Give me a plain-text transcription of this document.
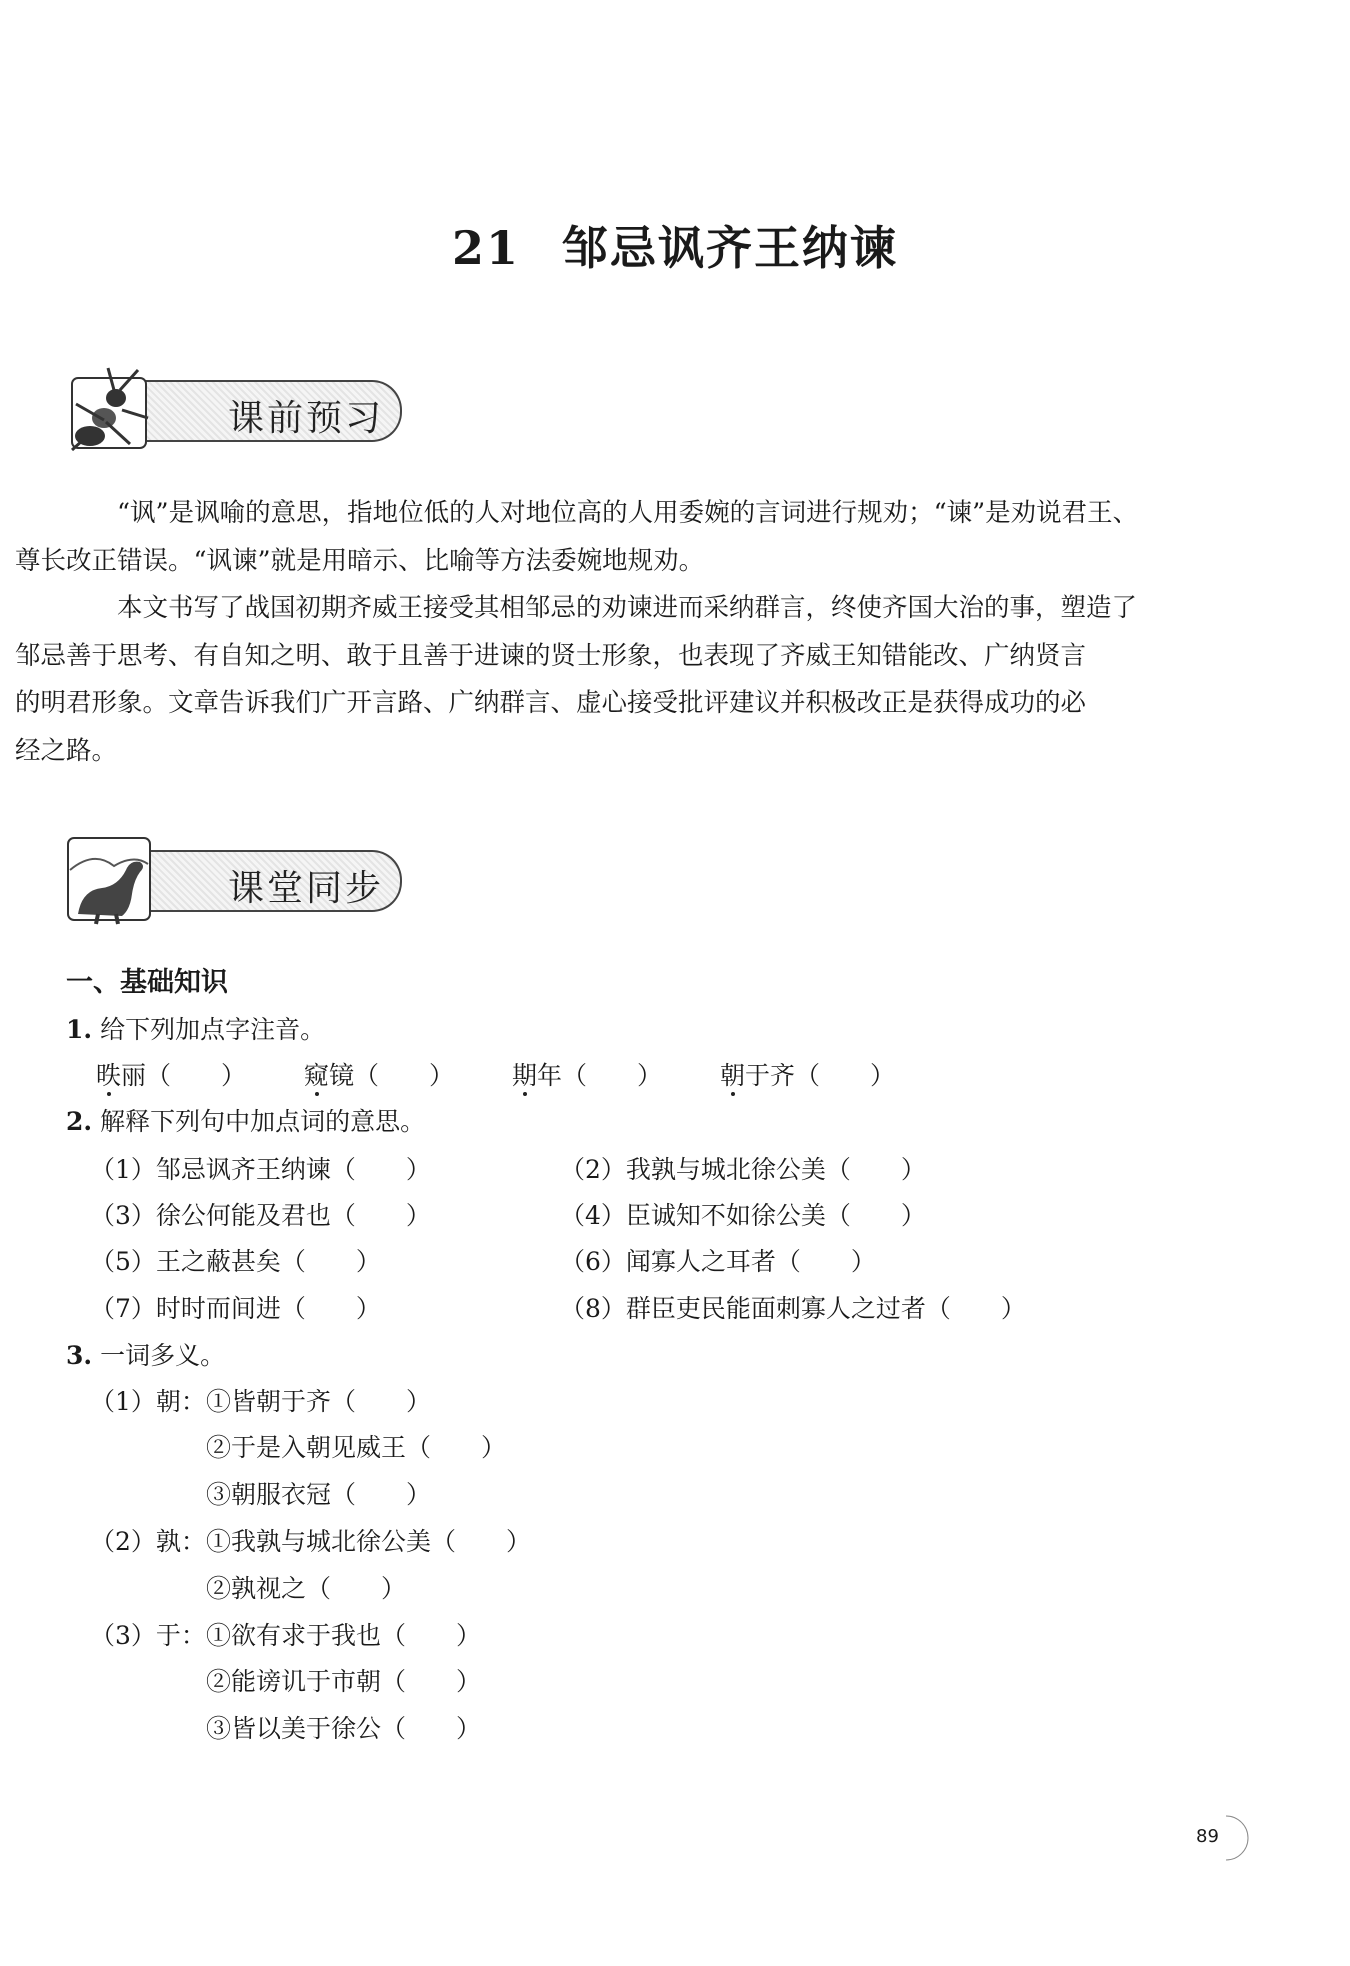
21 邹忌讽齐王纳谏
课前预习

“讽”是讽喻的意思，指地位低的人对地位高的人用委婉的言词进行规劝；“谏”是劝说君王、
尊长改正错误。“讽谏”就是用暗示、比喻等方法委婉地规劝。

本文书写了战国初期齐威王接受其相邹忌的劝谏进而采纳群言，终使齐国大治的事，塑造了
邹忌善于思考、有自知之明、敢于且善于进谏的贤士形象，也表现了齐威王知错能改、广纳贤言
的明君形象。文章告诉我们广开言路、广纳群言、虚心接受批评建议并积极改正是获得成功的必
经之路。

课堂同步
一、基础知识
1. 给下列加点字注音。
昳丽（　　） 窥镜（　　） 期年（　　） 朝于齐（　　）
2. 解释下列句中加点词的意思。
（1）邹忌讽齐王纳谏（　　）	（2）我孰与城北徐公美（　　）
（3）徐公何能及君也（　　）	（4）臣诚知不如徐公美（　　）
（5）王之蔽甚矣（　　）	（6）闻寡人之耳者（　　）
（7）时时而间进（　　）	（8）群臣吏民能面刺寡人之过者（　　）
3. 一词多义。
（1）朝： ①皆朝于齐（　　）
②于是入朝见威王（　　）
③朝服衣冠（　　）
（2）孰： ①我孰与城北徐公美（　　）
②孰视之（　　）
（3）于： ①欲有求于我也（　　）
②能谤讥于市朝（　　）
③皆以美于徐公（　　）
89
